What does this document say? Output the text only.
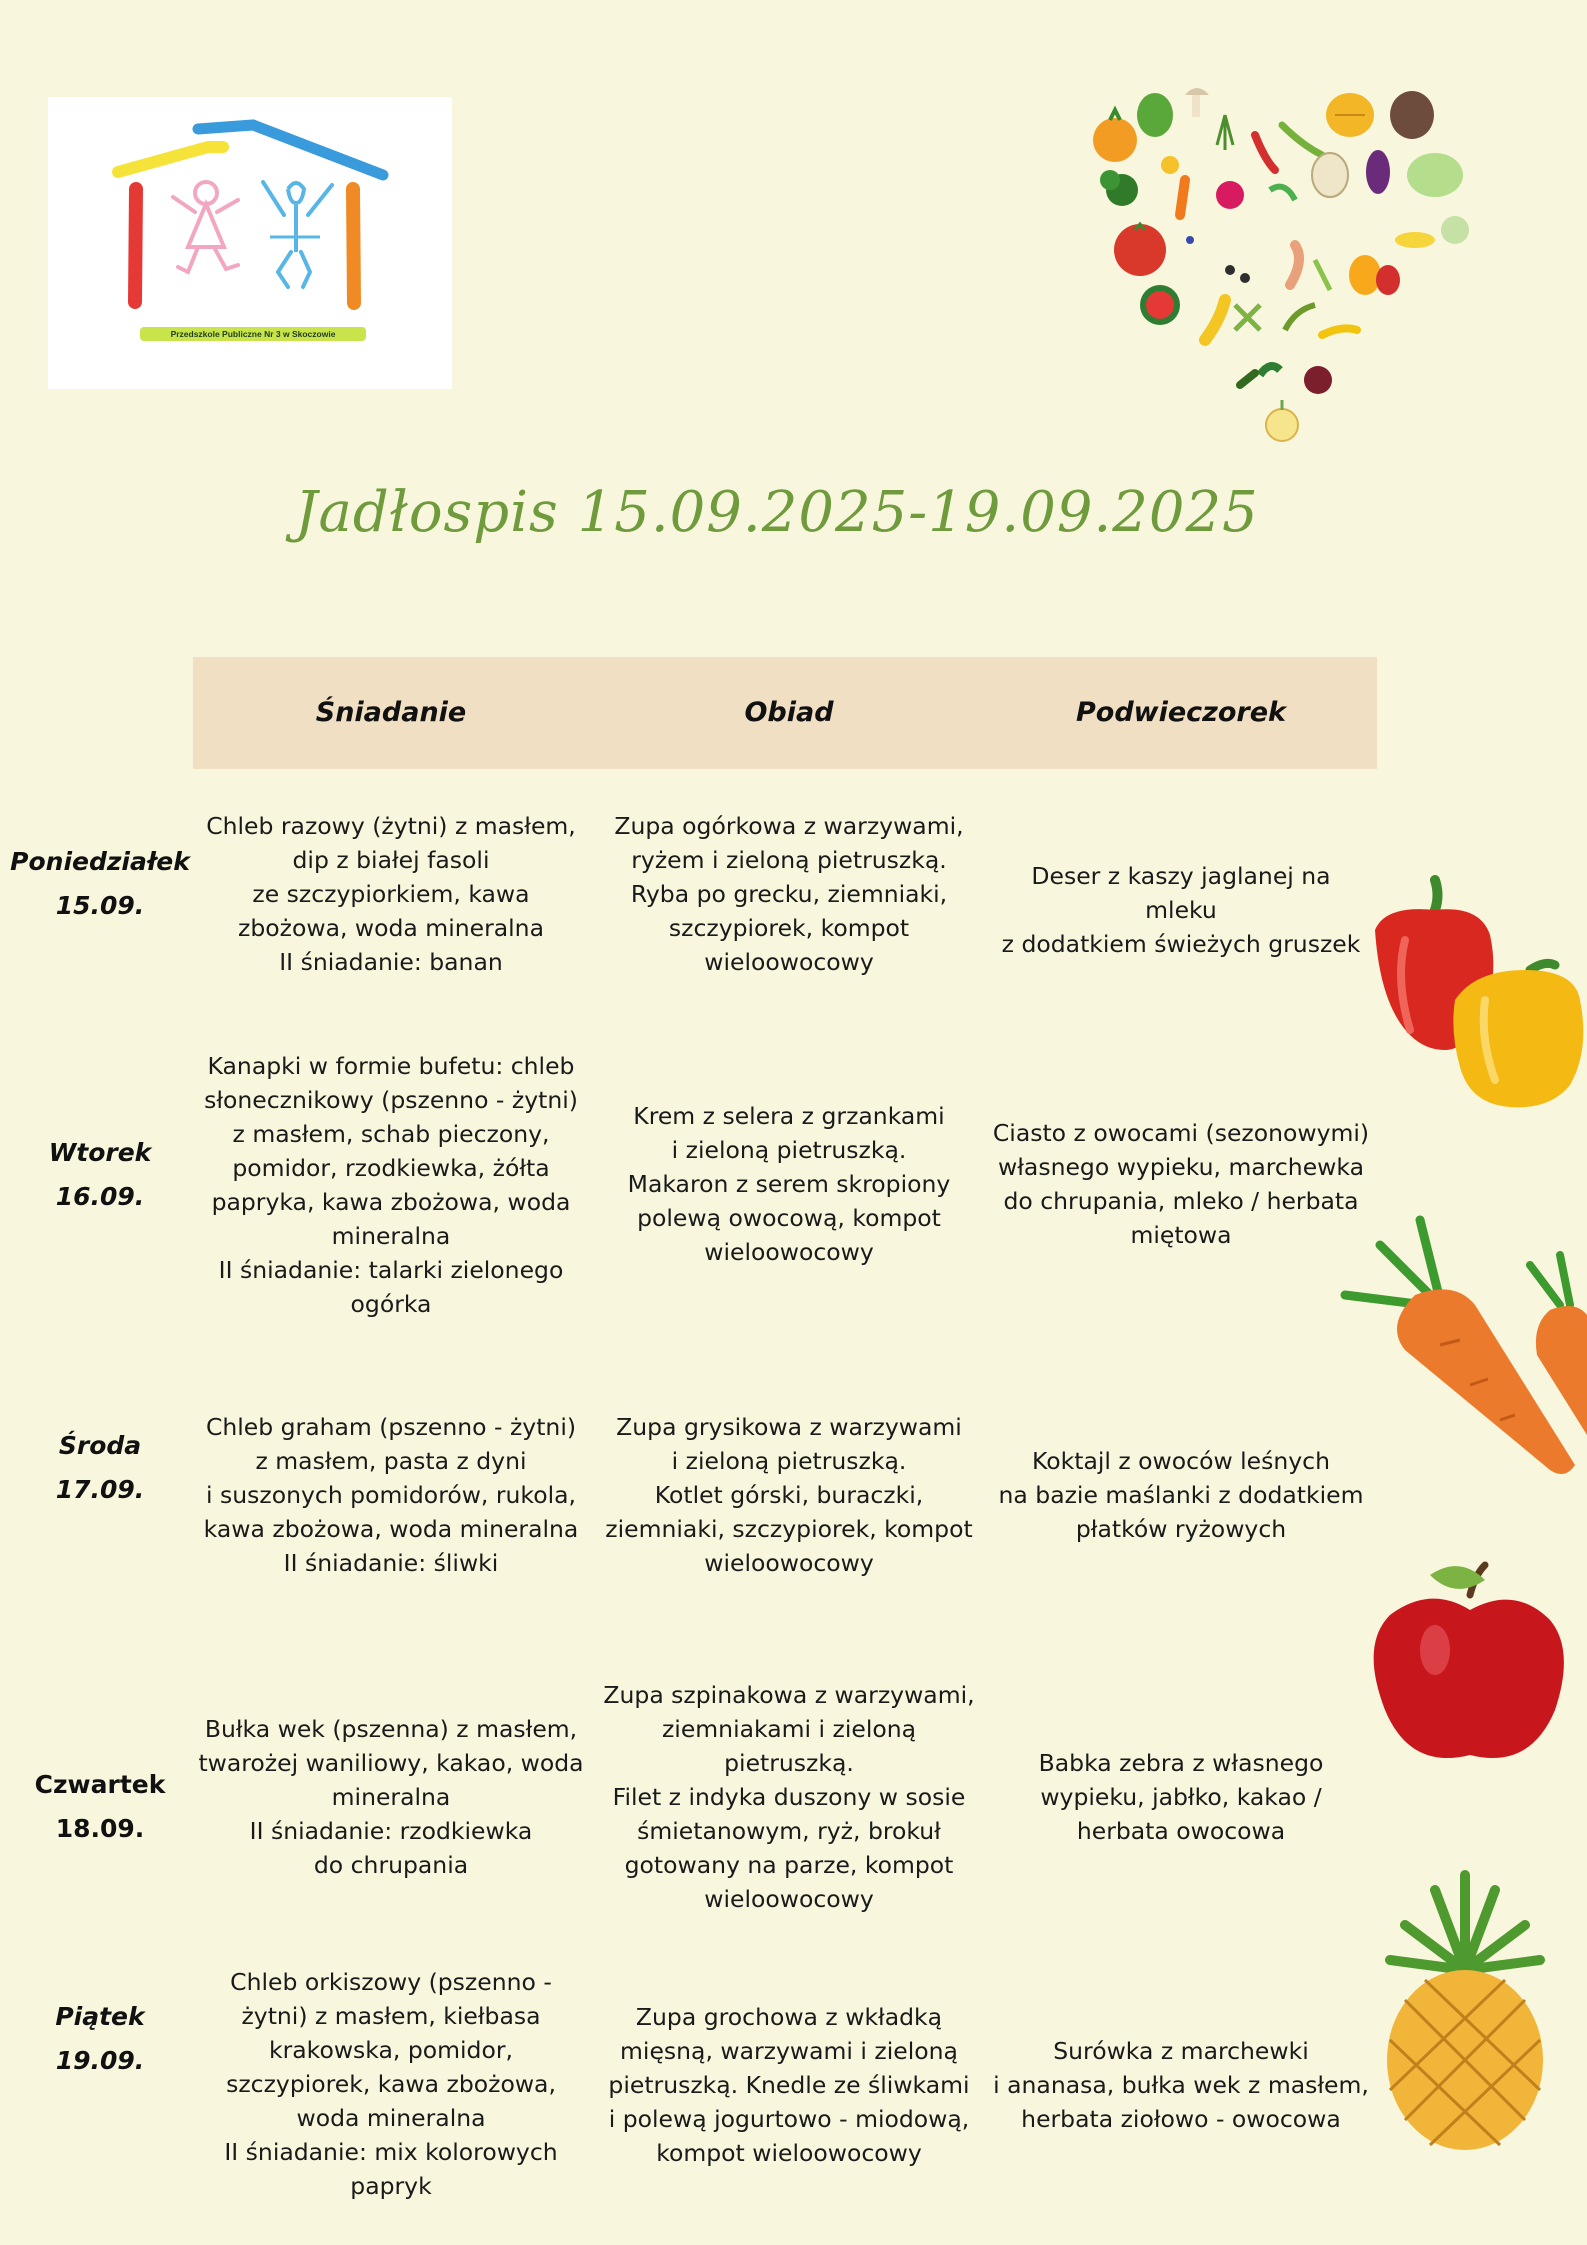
Przedszkole Publiczne Nr 3 w Skoczowie
Jadłospis 15.09.2025-19.09.2025
Śniadanie	Obiad	Podwieczorek
Poniedziałek
15.09.
Chleb razowy (żytni) z masłem,
dip z białej fasoli
ze szczypiorkiem, kawa
zbożowa, woda mineralna
II śniadanie: banan
Zupa ogórkowa z warzywami,
ryżem i zieloną pietruszką.
Ryba po grecku, ziemniaki,
szczypiorek, kompot
wieloowocowy
Deser z kaszy jaglanej na mleku
z dodatkiem świeżych gruszek
Wtorek
16.09.
Kanapki w formie bufetu: chleb
słonecznikowy (pszenno - żytni)
z masłem, schab pieczony,
pomidor, rzodkiewka, żółta
papryka, kawa zbożowa, woda
mineralna
II śniadanie: talarki zielonego
ogórka
Krem z selera z grzankami
i zieloną pietruszką.
Makaron z serem skropiony
polewą owocową, kompot
wieloowocowy
Ciasto z owocami (sezonowymi)
własnego wypieku, marchewka
do chrupania, mleko / herbata
miętowa
Środa
17.09.
Chleb graham (pszenno - żytni)
z masłem, pasta z dyni
i suszonych pomidorów, rukola,
kawa zbożowa, woda mineralna
II śniadanie: śliwki
Zupa grysikowa z warzywami
i zieloną pietruszką.
Kotlet górski, buraczki,
ziemniaki, szczypiorek, kompot
wieloowocowy
Koktajl z owoców leśnych
na bazie maślanki z dodatkiem
płatków ryżowych
Czwartek
18.09.
Bułka wek (pszenna) z masłem,
twarożej waniliowy, kakao, woda
mineralna
II śniadanie: rzodkiewka
do chrupania
Zupa szpinakowa z warzywami,
ziemniakami i zieloną
pietruszką.
Filet z indyka duszony w sosie
śmietanowym, ryż, brokuł
gotowany na parze, kompot
wieloowocowy
Babka zebra z własnego
wypieku, jabłko, kakao /
herbata owocowa
Piątek
19.09.
Chleb orkiszowy (pszenno -
żytni) z masłem, kiełbasa
krakowska, pomidor,
szczypiorek, kawa zbożowa,
woda mineralna
II śniadanie: mix kolorowych
papryk
Zupa grochowa z wkładką
mięsną, warzywami i zieloną
pietruszką. Knedle ze śliwkami
i polewą jogurtowo - miodową,
kompot wieloowocowy
Surówka z marchewki
i ananasa, bułka wek z masłem,
herbata ziołowo - owocowa
